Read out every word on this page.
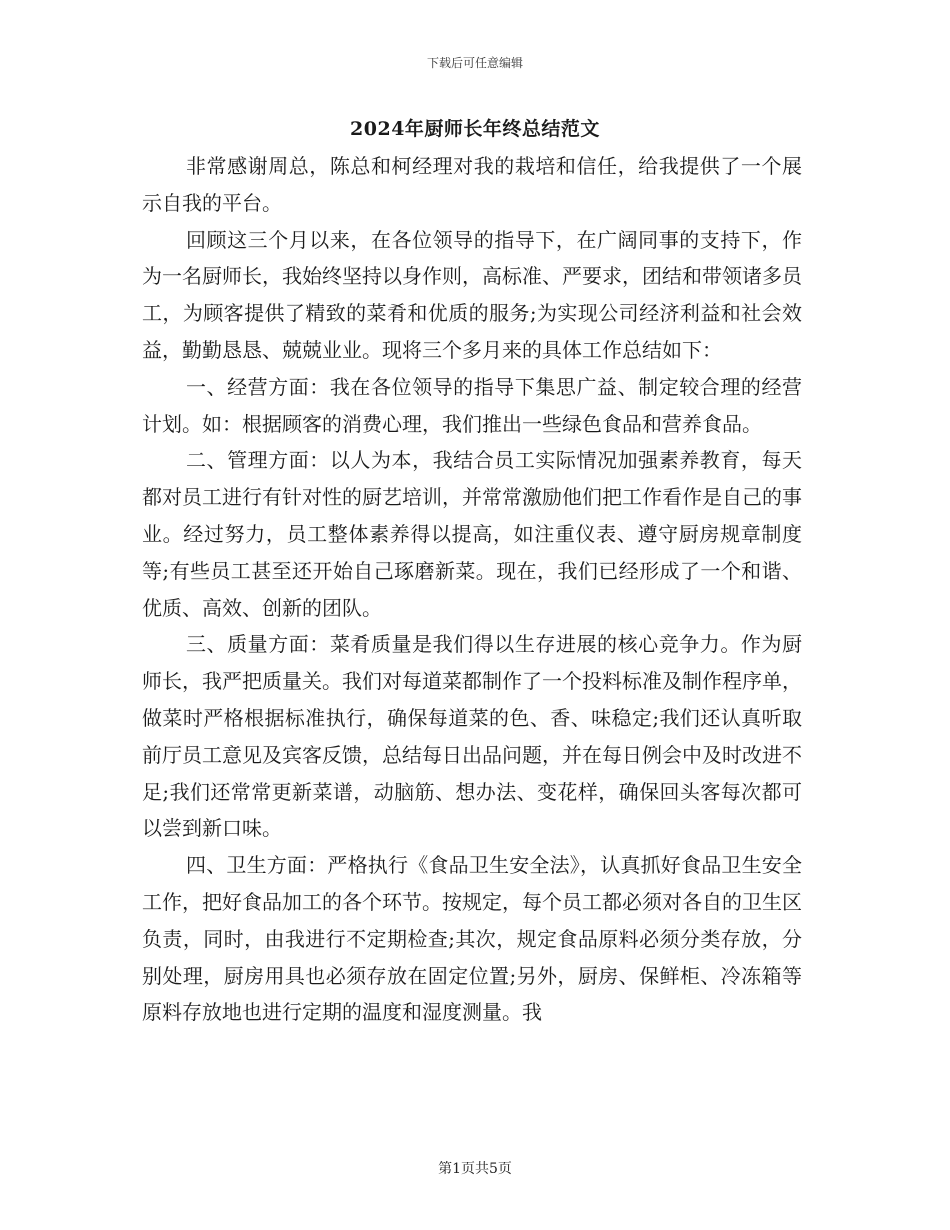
下载后可任意编辑
2024年厨师长年终总结范文

非常感谢周总，陈总和柯经理对我的栽培和信任，给我提供了一个展示自我的平台。

回顾这三个月以来，在各位领导的指导下，在广阔同事的支持下，作为一名厨师长，我始终坚持以身作则，高标准、严要求，团结和带领诸多员工，为顾客提供了精致的菜肴和优质的服务;为实现公司经济利益和社会效益，勤勤恳恳、兢兢业业。现将三个多月来的具体工作总结如下：

一、经营方面：我在各位领导的指导下集思广益、制定较合理的经营计划。如：根据顾客的消费心理，我们推出一些绿色食品和营养食品。

二、管理方面：以人为本，我结合员工实际情况加强素养教育，每天都对员工进行有针对性的厨艺培训，并常常激励他们把工作看作是自己的事业。经过努力，员工整体素养得以提高，如注重仪表、遵守厨房规章制度等;有些员工甚至还开始自己琢磨新菜。现在，我们已经形成了一个和谐、优质、高效、创新的团队。

三、质量方面：菜肴质量是我们得以生存进展的核心竞争力。作为厨师长，我严把质量关。我们对每道菜都制作了一个投料标准及制作程序单，做菜时严格根据标准执行，确保每道菜的色、香、味稳定;我们还认真听取前厅员工意见及宾客反馈，总结每日出品问题，并在每日例会中及时改进不足;我们还常常更新菜谱，动脑筋、想办法、变花样，确保回头客每次都可以尝到新口味。

四、卫生方面：严格执行《食品卫生安全法》，认真抓好食品卫生安全工作，把好食品加工的各个环节。按规定，每个员工都必须对各自的卫生区负责，同时，由我进行不定期检查;其次，规定食品原料必须分类存放，分别处理，厨房用具也必须存放在固定位置;另外，厨房、保鲜柜、冷冻箱等原料存放地也进行定期的温度和湿度测量。我

第1页共5页
